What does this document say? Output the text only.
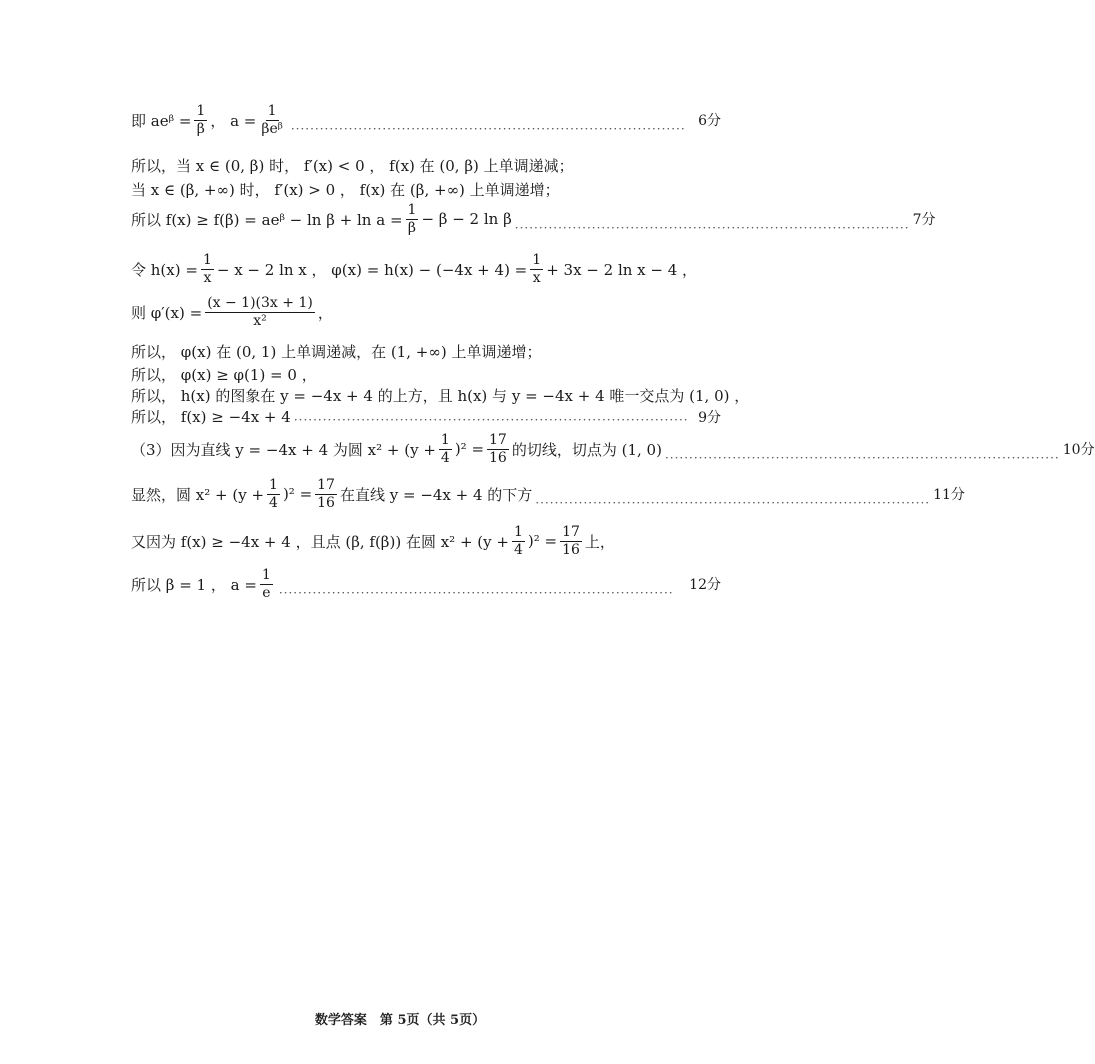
即 aeᵝ = $\frac{1}{\beta}$ ， $a = \frac{1}{\text{βeᵝ}}$ ··················································································
6分
所以，当 x ∈ (0, β) 时， f′(x) < 0 ， f(x) 在 (0, β) 上单调递减；
当 x ∈ (β, +∞) 时， f′(x) > 0 ， f(x) 在 (β, +∞) 上单调递增；
所以 f(x) ≥ f(β) = aeᵝ − $\ln \beta + \ln a = \frac{1}{\beta} - \beta - 2$ ln β
··················································································
7分
令 $h(x) = \frac{1}{x} - x - 2$ ln x ， $\varphi(x) = h(x) - (-4x + 4) = \frac{1}{x} + 3x - 2$ ln x − 4 ，
则 $\varphi'(x) = \frac{(x - 1)(3x + 1)}{\text{x²}}$ ，
所以， φ(x) 在 (0, 1) 上单调递减，在 (1, +∞) 上单调递增；
所以， φ(x) ≥ φ(1) = 0 ，
所以， h(x) 的图象在 y = −4x + 4 的上方，且 h(x) 与 y = −4x + 4 唯一交点为 (1, 0) ，
所以， f(x) ≥ −4x + 4 ·················································································· 9分
（3）因为直线 y = −4x + 4 为圆 $x^2 + (y + \frac{1}{4} )^2 = \frac{17}{16}$ 的切线，切点为 (1, 0) ··················································································
10分
显然，圆 $x^2 + (y + \frac{1}{4} )^2 = \frac{17}{16}$ 在直线 y = −4x + 4 的下方 ··················································································
11分
又因为 f(x) ≥ −4x + 4 ，且点 (β, f(β)) 在圆 $x^2 + (y + \frac{1}{4} )^2 = \frac{17}{16}$ 上，
所以 β = 1 ， $a = \frac{1}{e}$ ··················································································
12分
数学答案　第 5页（共 5页）
